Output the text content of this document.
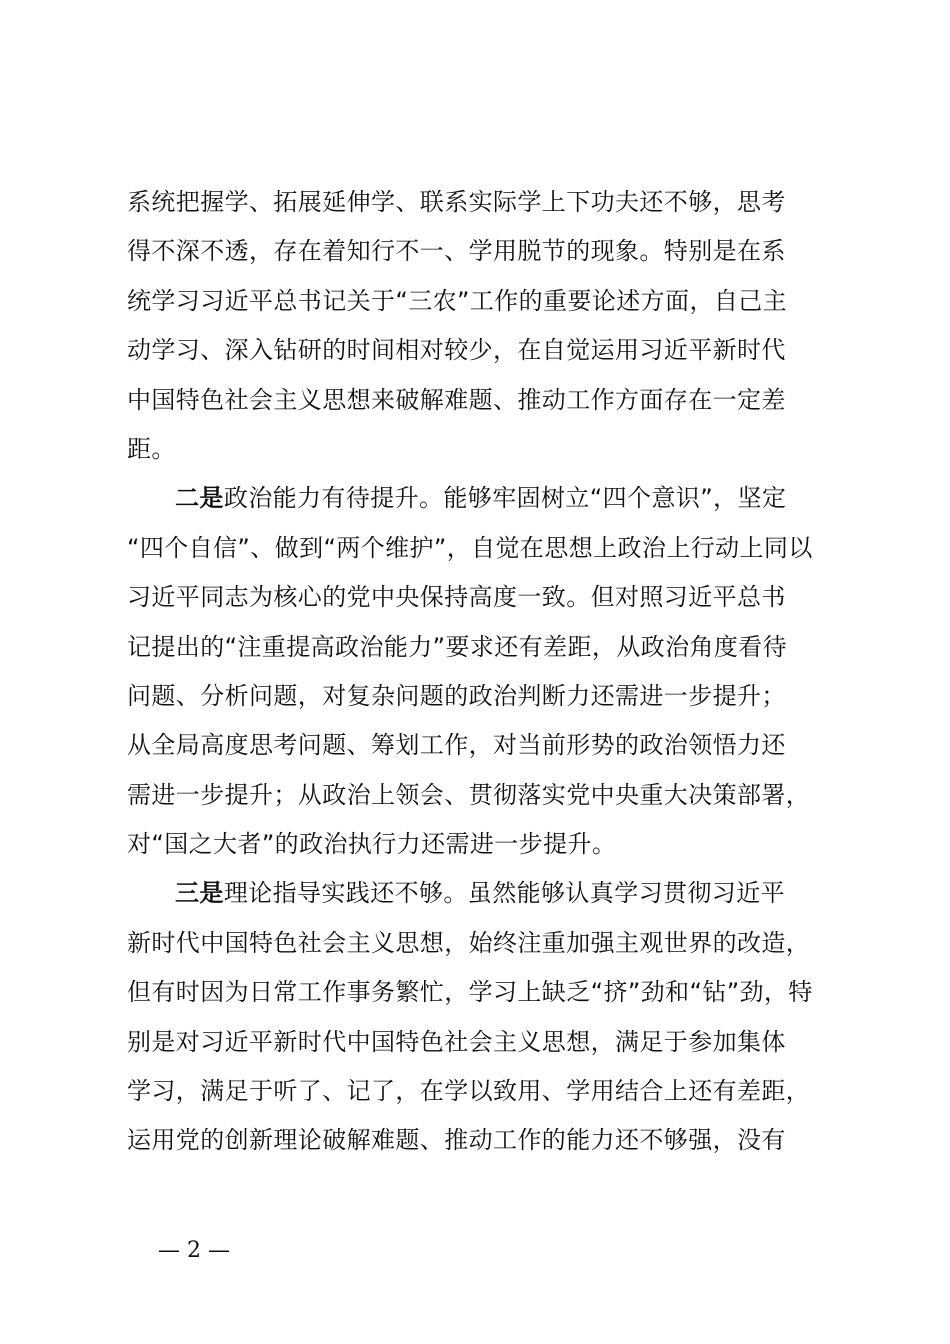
系统把握学、拓展延伸学、联系实际学上下功夫还不够，思考
得不深不透，存在着知行不一、学用脱节的现象。特别是在系
统学习习近平总书记关于“三农”工作的重要论述方面，自己主
动学习、深入钻研的时间相对较少，在自觉运用习近平新时代
中国特色社会主义思想来破解难题、推动工作方面存在一定差
距。
二是政治能力有待提升。能够牢固树立“四个意识”，坚定
“四个自信”、做到“两个维护”，自觉在思想上政治上行动上同以
习近平同志为核心的党中央保持高度一致。但对照习近平总书
记提出的“注重提高政治能力”要求还有差距，从政治角度看待
问题、分析问题，对复杂问题的政治判断力还需进一步提升；
从全局高度思考问题、筹划工作，对当前形势的政治领悟力还
需进一步提升；从政治上领会、贯彻落实党中央重大决策部署，
对“国之大者”的政治执行力还需进一步提升。
三是理论指导实践还不够。虽然能够认真学习贯彻习近平
新时代中国特色社会主义思想，始终注重加强主观世界的改造，
但有时因为日常工作事务繁忙，学习上缺乏“挤”劲和“钻”劲，特
别是对习近平新时代中国特色社会主义思想，满足于参加集体
学习，满足于听了、记了，在学以致用、学用结合上还有差距，
运用党的创新理论破解难题、推动工作的能力还不够强，没有
— 2 —
